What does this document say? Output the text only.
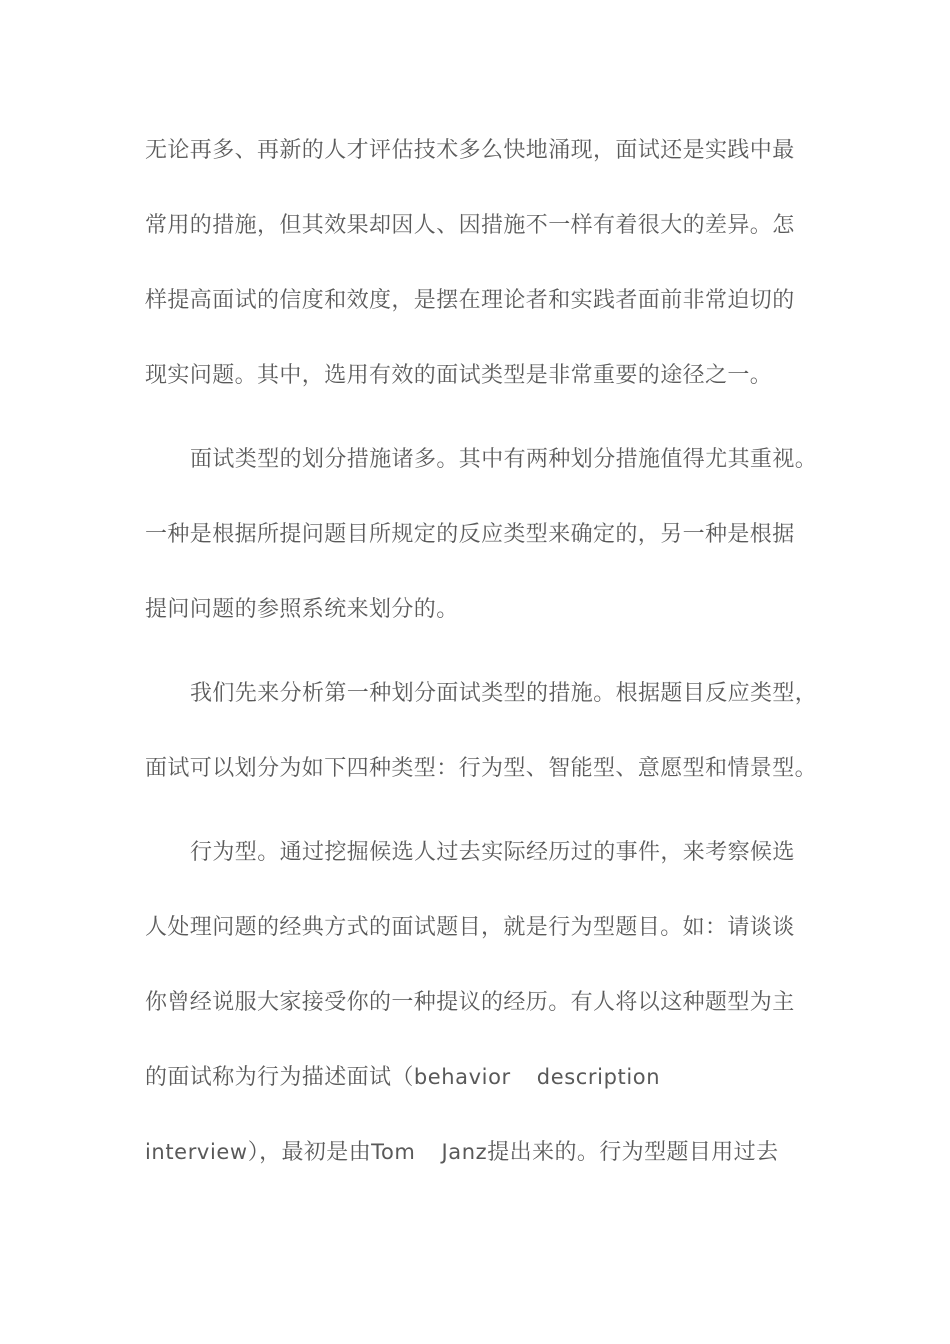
无论再多、再新的人才评估技术多么快地涌现，面试还是实践中最
常用的措施，但其效果却因人、因措施不一样有着很大的差异。怎
样提高面试的信度和效度，是摆在理论者和实践者面前非常迫切的
现实问题。其中，选用有效的面试类型是非常重要的途径之一。
面试类型的划分措施诸多。其中有两种划分措施值得尤其重视。
一种是根据所提问题目所规定的反应类型来确定的，另一种是根据
提问问题的参照系统来划分的。
我们先来分析第一种划分面试类型的措施。根据题目反应类型，
面试可以划分为如下四种类型：行为型、智能型、意愿型和情景型。
行为型。通过挖掘候选人过去实际经历过的事件，来考察候选
人处理问题的经典方式的面试题目，就是行为型题目。如：请谈谈
你曾经说服大家接受你的一种提议的经历。有人将以这种题型为主
的面试称为行为描述面试（behavior description
interview），最初是由Tom Janz提出来的。行为型题目用过去
